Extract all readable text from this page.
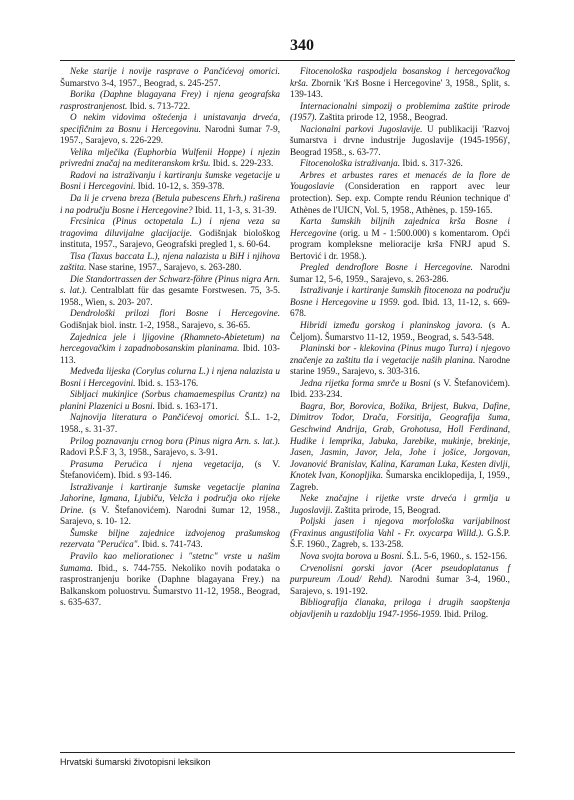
340

Neke starije i novije rasprave o Pančićevoj omorici. Šumarstvo 3-4, 1957., Beograd, s. 245-257.

Borika (Daphne blagayana Frey) i njena geografska rasprostranjenost. Ibid. s. 713-722.

O nekim vidovima oštećenja i unistavanja drveća, specifičnim za Bosnu i Hercegovinu. Narodni šumar 7-9, 1957., Sarajevo, s. 226-229.

Velika mlječika (Euphorbia Wulfenii Hoppe) i njezin privredni značaj na mediteranskom kršu. Ibid. s. 229-233.

Radovi na istraživanju i kartiranju šumske vegetacije u Bosni i Hercegovini. Ibid. 10-12, s. 359-378.

Da li je crvena breza (Betula pubescens Ehrh.) raširena i na području Bosne i Hercegovine? Ibid. 11, 1-3, s. 31-39.

Frcsinica (Pinus octopetala L.) i njena veza sa tragovima diluvijalne glacijacije. Godišnjak biološkog instituta, 1957., Sarajevo, Geografski pregled 1, s. 60-64.

Tisa (Taxus baccata L.), njena nalazista u BiH i njihova zaštita. Nase starine, 1957., Sarajevo, s. 263-280.

Die Standortrassen der Schwarz-föhre (Pinus nigra Arn. s. lat.). Centralblatt für das gesamte Forstwesen. 75, 3-5. 1958., Wien, s. 203- 207.

Dendrološki prilozi flori Bosne i Hercegovine. Godišnjak biol. instr. 1-2, 1958., Sarajevo, s. 36-65.

Zajednica jele i ljigovine (Rhamneto-Abietetum) na hercegovačkim i zapadnobosanskim planinama. Ibid. 103-113.

Medveđa lijeska (Corylus colurna L.) i njena nalazista u Bosni i Hercegovini. Ibid. s. 153-176.

Sibljaci mukinjice (Sorbus chamaemespilus Crantz) na planini Plazenici u Bosni. Ibid. s. 163-171.

Najnovija literatura o Pančićevoj omorici. Š.L. 1-2, 1958., s. 31-37.

Prilog poznavanju crnog bora (Pinus nigra Arn. s. lat.). Radovi P.Š.F 3, 3, 1958., Sarajevo, s. 3-91.

Prasuma Perućica i njena vegetacija, (s V. Štefanovićem). Ibid. s 93-146.

Istraživanje i kartiranje šumske vegetacije planina Jahorine, Igmana, Ljubiču, Velcža i područja oko rijeke Drine. (s V. Štefanovićem). Narodni šumar 12, 1958., Sarajevo, s. 10- 12.

Šumske biljne zajednice izdvojenog prašumskog rezervata "Perućica". Ibid. s. 741-743.

Pravilo kao meliorationec i "stetnc" vrste u našim šumama. Ibid., s. 744-755. Nekoliko novih podataka o rasprostranjenju borike (Daphne blagayana Frey.) na Balkanskom poluostrvu. Šumarstvo 11-12, 1958., Beograd, s. 635-637.

Fitocenološka raspodjela bosanskog i hercegovačkog krša. Zbornik 'Krš Bosne i Hercegovine' 3, 1958., Split, s. 139-143.

Internacionalni simpozij o problemima zaštite prirode (1957). Zaštita prirode 12, 1958., Beograd.

Nacionalni parkovi Jugoslavije. U publikaciji 'Razvoj šumarstva i drvne industrije Jugoslavije (1945-1956)', Beograd 1958., s. 63-77.

Fitocenološka istraživanja. Ibid. s. 317-326.

Arbres et arbustes rares et menacés de la flore de Yougoslavie (Consideration en rapport avec leur protection). Sep. exp. Compte rendu Réunion technique d' Athènes de l'UICN, Vol. 5, 1958., Athènes, p. 159-165.

Karta šumskih biljnih zajednica krša Bosne i Hercegovine (orig. u M - 1:500.000) s komentarom. Opći program kompleksne melioracije krša FNRJ apud S. Bertović i dr. 1958.).

Pregled dendroflore Bosne i Hercegovine. Narodni šumar 12, 5-6, 1959., Sarajevo, s. 263-286.

Istraživanje i kartiranje šumskih fitocenoza na području Bosne i Hercegovine u 1959. god. Ibid. 13, 11-12, s. 669-678.

Hibridi između gorskog i planinskog javora. (s A. Čeljom). Šumarstvo 11-12, 1959., Beograd, s. 543-548.

Planinski bor - klekovina (Pinus mugo Turra) i njegovo značenje za zaštitu tla i vegetacije naših planina. Narodne starine 1959., Sarajevo, s. 303-316.

Jedna rijetka forma smrče u Bosni (s V. Štefanovićem). Ibid. 233-234.

Bagra, Bor, Borovica, Božika, Brijest, Bukva, Dafine, Dimitrov Todor, Drača, Forsitija, Geografija šuma, Geschwind Andrija, Grab, Grohotusa, Holl Ferdinand, Hudike i lemprika, Jabuka, Jarebike, mukinje, brekinje, Jasen, Jasmin, Javor, Jela, Johe i jošice, Jorgovan, Jovanović Branislav, Kalina, Karaman Luka, Kesten divlji, Knotek Ivan, Konopljika. Šumarska enciklopedija, I, 1959., Zagreb.

Neke značajne i rijetke vrste drveća i grmlja u Jugoslaviji. Zaštita prirode, 15, Beograd.

Poljski jasen i njegova morfološka varijabilnost (Fraxinus angustifolia Vahl - Fr. oxycarpa Willd.). G.Š.P. Š.F. 1960., Zagreb, s. 133-258.

Nova svojta borova u Bosni. Š.L. 5-6, 1960., s. 152-156.

Crvenolisni gorski javor (Acer pseudoplatanus f purpureum /Loud/ Rehd). Narodni šumar 3-4, 1960., Sarajevo, s. 191-192.

Bibliografija članaka, priloga i drugih saopštenja objavljenih u razdoblju 1947-1956-1959. Ibid. Prilog.

Hrvatski šumarski životopisni leksikon
